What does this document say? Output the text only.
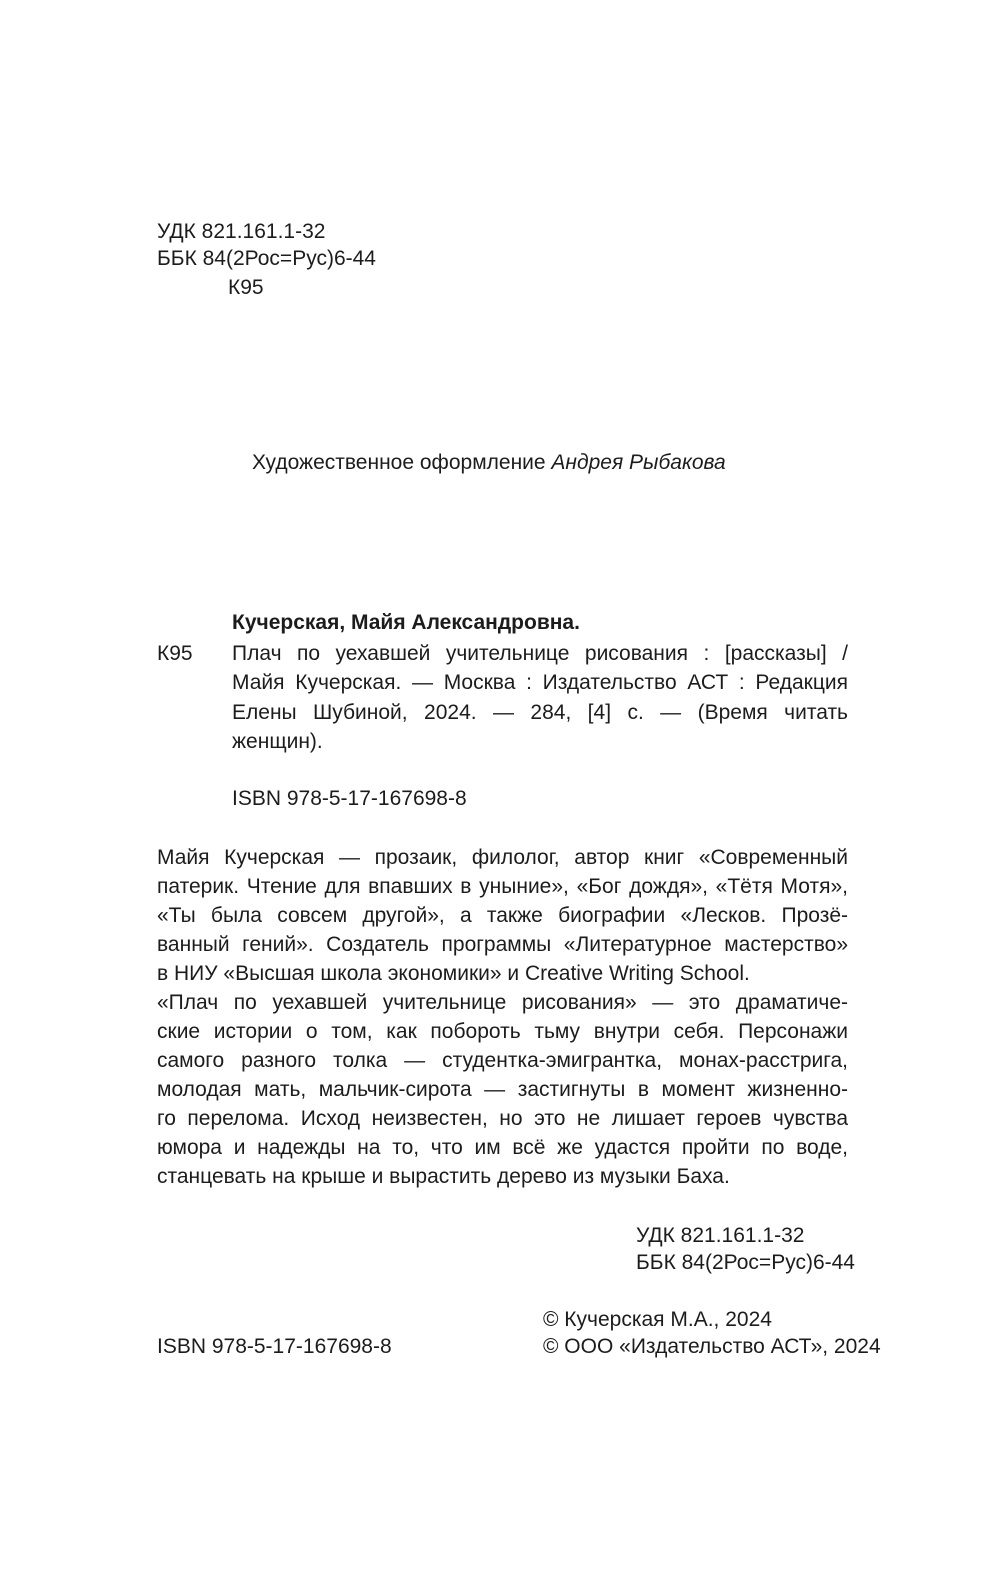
УДК 821.161.1-32
ББК 84(2Рос=Рус)6-44
К95
Художественное оформление Андрея Рыбакова
Кучерская, Майя Александровна.
К95 Плач по уехавшей учительнице рисования : [рассказы] /
Майя Кучерская. — Москва : Издательство АСТ : Редакция
Елены Шубиной, 2024. — 284, [4] с. — (Время читать
женщин).
ISBN 978-5-17-167698-8
Майя Кучерская — прозаик, филолог, автор книг «Современный
патерик. Чтение для впавших в уныние», «Бог дождя», «Тётя Мотя»,
«Ты была совсем другой», а также биографии «Лесков. Прозё-
ванный гений». Создатель программы «Литературное мастерство»
в НИУ «Высшая школа экономики» и Creative Writing School.
«Плач по уехавшей учительнице рисования» — это драматиче-
ские истории о том, как побороть тьму внутри себя. Персонажи
самого разного толка — студентка-эмигрантка, монах-расстрига,
молодая мать, мальчик-сирота — застигнуты в момент жизненно-
го перелома. Исход неизвестен, но это не лишает героев чувства
юмора и надежды на то, что им всё же удастся пройти по воде,
станцевать на крыше и вырастить дерево из музыки Баха.
УДК 821.161.1-32
ББК 84(2Рос=Рус)6-44
© Кучерская М.А., 2024
© ООО «Издательство АСТ», 2024
ISBN 978-5-17-167698-8
